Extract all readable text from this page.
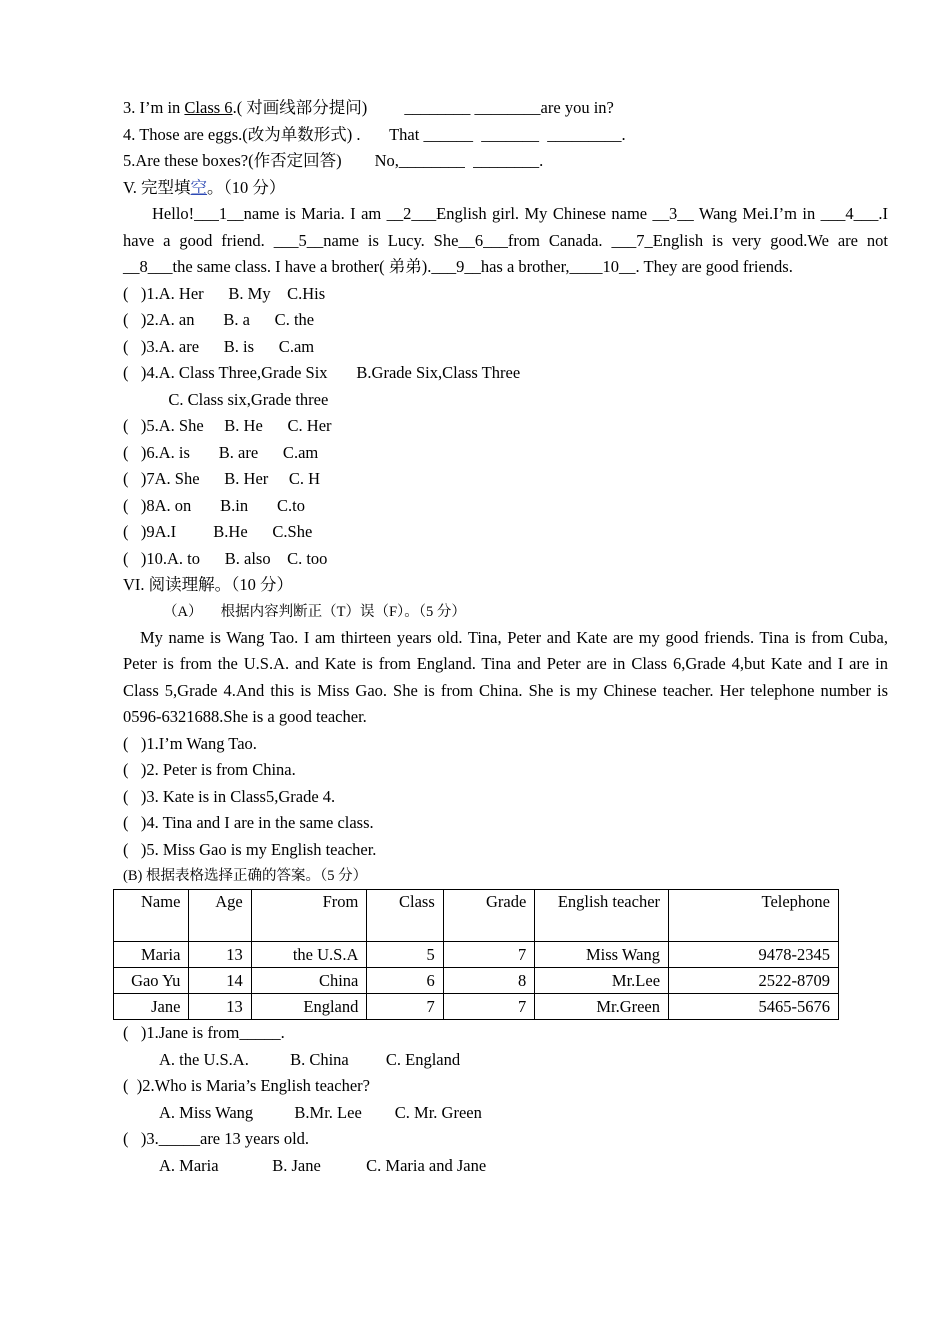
3. I’m in Class 6.( 对画线部分提问)         ________ ________are you in?
4. Those are eggs.(改为单数形式) .       That ______  _______  _________.
5.Are these boxes?(作否定回答)        No,________  ________.
V. 完型填空。（10 分）
Hello!___1__name is Maria. I am __2___English girl. My Chinese name __3__ Wang Mei.I’m in ___4___.I have a good friend. ___5__name is Lucy. She__6___from Canada. ___7_English is very good.We are not __8___the same class. I have a brother( 弟弟).___9__has a brother,____10__. They are good friends.
(   )1.A. Her      B. My    C.His
(   )2.A. an       B. a      C. the
(   )3.A. are      B. is      C.am
(   )4.A. Class Three,Grade Six       B.Grade Six,Class Three
C. Class six,Grade three
(   )5.A. She     B. He      C. Her
(   )6.A. is       B. are      C.am
(   )7A. She      B. Her     C. H
(   )8A. on       B.in       C.to
(   )9A.I         B.He      C.She
(   )10.A. to      B. also    C. too
VI. 阅读理解。（10 分）
（A）     根据内容判断正（T）误（F）。（5 分）
My name is Wang Tao. I am thirteen years old. Tina, Peter and Kate are my good friends. Tina is from Cuba, Peter is from the U.S.A. and Kate is from England. Tina and Peter are in Class 6,Grade 4,but Kate and I are in Class 5,Grade 4.And this is Miss Gao. She is from China. She is my Chinese teacher. Her telephone number is 0596-6321688.She is a good teacher.
(   )1.I’m Wang Tao.
(   )2. Peter is from China.
(   )3. Kate is in Class5,Grade 4.
(   )4. Tina and I are in the same class.
(   )5. Miss Gao is my English teacher.
(B) 根据表格选择正确的答案。（5 分）
Name	Age	From	Class	Grade	English teacher	Telephone
Maria	13	the U.S.A	5	7	Miss Wang	9478-2345
Gao Yu	14	China	6	8	Mr.Lee	2522-8709
Jane	13	England	7	7	Mr.Green	5465-5676
(   )1.Jane is from_____.
A. the U.S.A.          B. China         C. England
(  )2.Who is Maria’s English teacher?
A. Miss Wang          B.Mr. Lee        C. Mr. Green
(   )3._____are 13 years old.
A. Maria             B. Jane           C. Maria and Jane
